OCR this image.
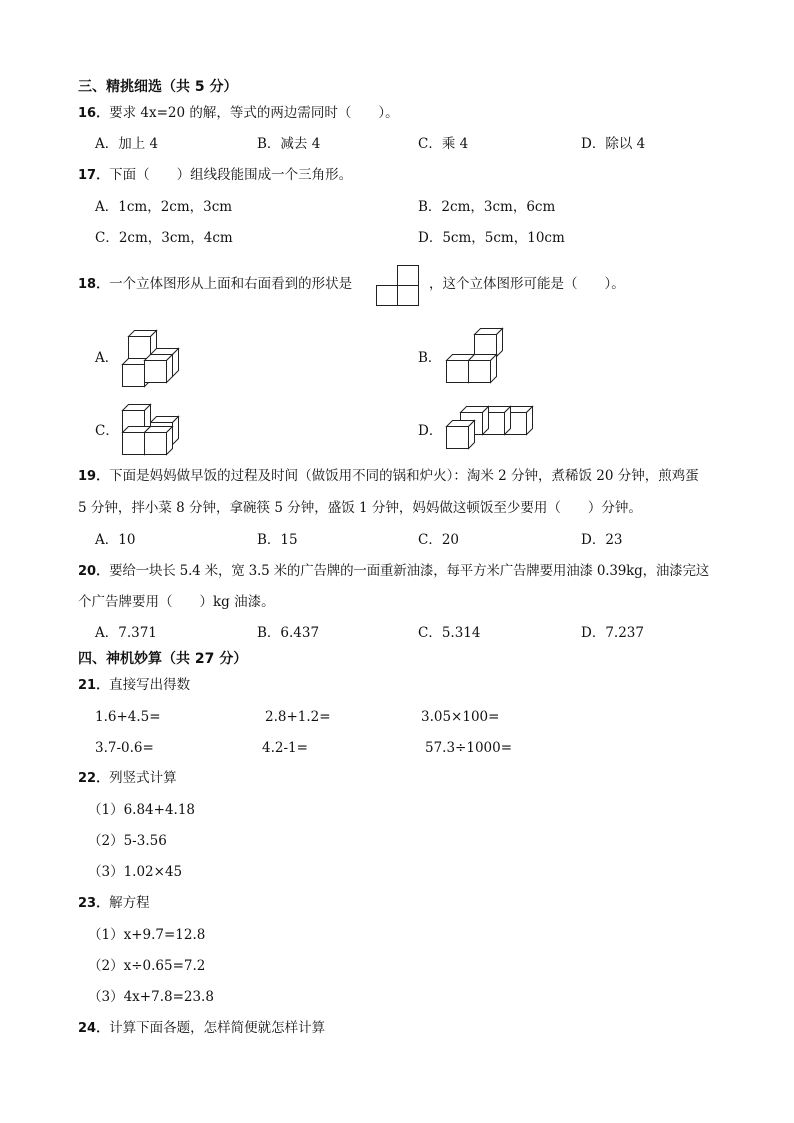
三、精挑细选（共 5 分）
16．要求 4x=20 的解，等式的两边需同时（　　）。
A．加上 4	B．减去 4	C．乘 4	D．除以 4
17．下面（　　）组线段能围成一个三角形。
A．1cm，2cm，3cm	B．2cm，3cm，6cm
C．2cm，3cm，4cm	D．5cm，5cm，10cm
18．一个立体图形从上面和右面看到的形状是	，这个立体图形可能是（　　）。
A．	B．
C．	D．
19．下面是妈妈做早饭的过程及时间（做饭用不同的锅和炉火）：淘米 2 分钟，煮稀饭 20 分钟，煎鸡蛋
5 分钟，拌小菜 8 分钟，拿碗筷 5 分钟，盛饭 1 分钟，妈妈做这顿饭至少要用（　　）分钟。
A．10	B．15	C．20	D．23
20．要给一块长 5.4 米，宽 3.5 米的广告牌的一面重新油漆，每平方米广告牌要用油漆 0.39kg，油漆完这
个广告牌要用（　　）kg 油漆。
A．7.371	B．6.437	C．5.314	D．7.237
四、神机妙算（共 27 分）
21．直接写出得数
1.6+4.5=	2.8+1.2=	3.05×100=
3.7-0.6=	4.2-1=	57.3÷1000=
22．列竖式计算
（1）6.84+4.18
（2）5-3.56
（3）1.02×45
23．解方程
（1）x+9.7=12.8
（2）x÷0.65=7.2
（3）4x+7.8=23.8
24．计算下面各题，怎样简便就怎样计算
